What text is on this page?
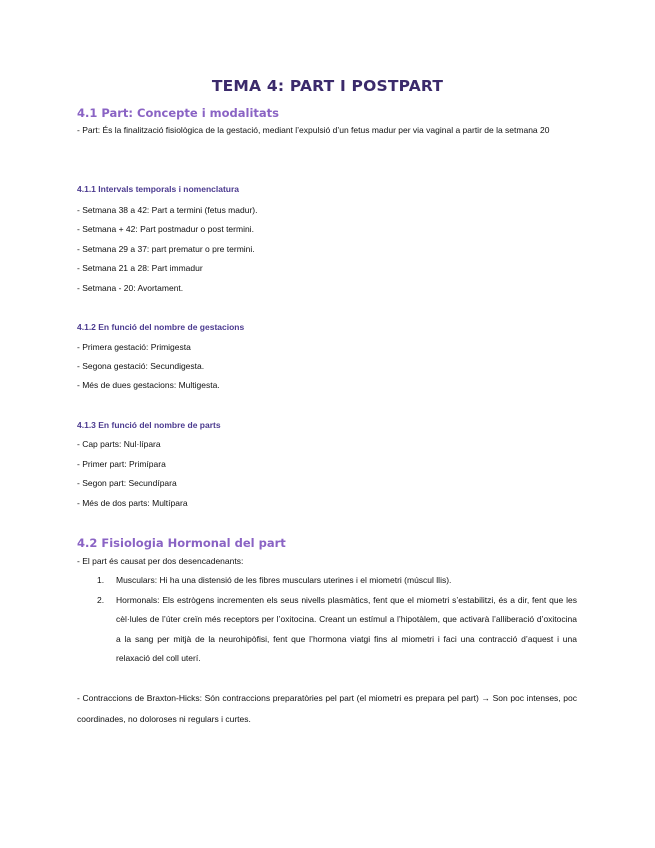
TEMA 4: PART I POSTPART
4.1 Part: Concepte i modalitats

- Part: És la finalització fisiològica de la gestació, mediant l’expulsió d’un fetus madur per via vaginal a partir de la setmana 20

4.1.1 Intervals temporals i nomenclatura

- Setmana 38 a 42: Part a termini (fetus madur).

- Setmana + 42: Part postmadur o post termini.

- Setmana 29 a 37: part prematur o pre termini.

- Setmana 21 a 28: Part immadur

- Setmana - 20: Avortament.

4.1.2 En funció del nombre de gestacions

- Primera gestació: Primigesta

- Segona gestació: Secundigesta.

- Més de dues gestacions: Multigesta.

4.1.3 En funció del nombre de parts

- Cap parts: Nul·lípara

- Primer part: Primípara

- Segon part: Secundípara

- Més de dos parts: Multípara

4.2 Fisiologia Hormonal del part

- El part és causat per dos desencadenants:

1. Musculars: Hi ha una distensió de les fibres musculars uterines i el miometri (múscul llis).
2. Hormonals: Els estrògens incrementen els seus nivells plasmàtics, fent que el miometri s’estabilitzi, és a dir, fent que les cèl·lules de l’úter creïn més receptors per l’oxitocina. Creant un estímul a l’hipotàlem, que activarà l’alliberació d’oxitocina a la sang per mitjà de la neurohipòfisi, fent que l’hormona viatgi fins al miometri i faci una contracció d’aquest i una relaxació del coll uterí.

- Contraccions de Braxton-Hicks: Són contraccions preparatòries pel part (el miometri es prepara pel part) → Son poc intenses, poc coordinades, no doloroses ni regulars i curtes.
